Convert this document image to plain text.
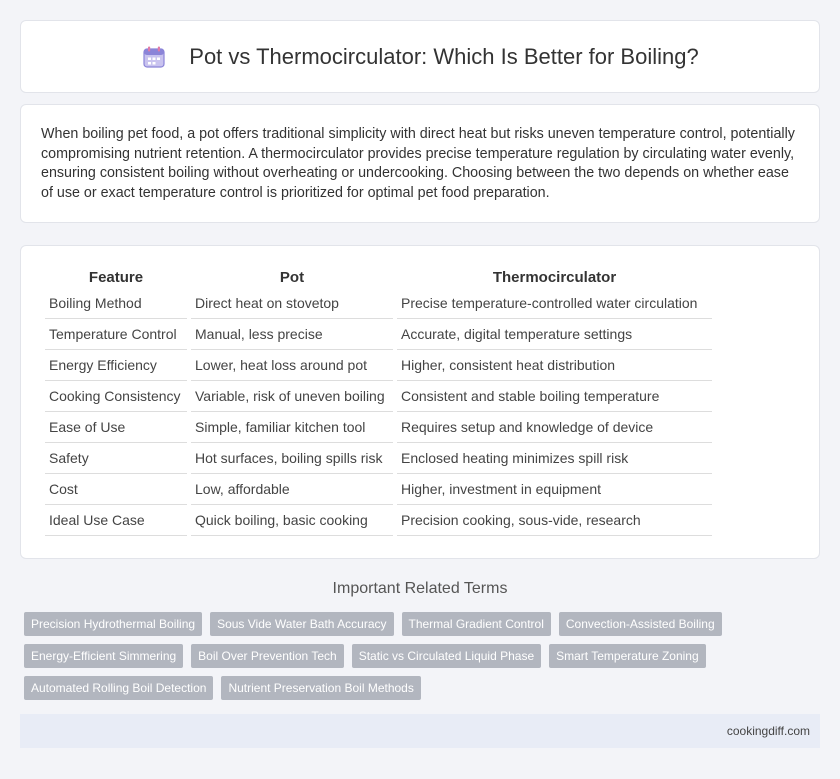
Pot vs Thermocirculator: Which Is Better for Boiling?

When boiling pet food, a pot offers traditional simplicity with direct heat but risks uneven temperature control, potentially compromising nutrient retention. A thermocirculator provides precise temperature regulation by circulating water evenly, ensuring consistent boiling without overheating or undercooking. Choosing between the two depends on whether ease of use or exact temperature control is prioritized for optimal pet food preparation.

Feature	Pot	Thermocirculator
Boiling Method	Direct heat on stovetop	Precise temperature-controlled water circulation
Temperature Control	Manual, less precise	Accurate, digital temperature settings
Energy Efficiency	Lower, heat loss around pot	Higher, consistent heat distribution
Cooking Consistency	Variable, risk of uneven boiling	Consistent and stable boiling temperature
Ease of Use	Simple, familiar kitchen tool	Requires setup and knowledge of device
Safety	Hot surfaces, boiling spills risk	Enclosed heating minimizes spill risk
Cost	Low, affordable	Higher, investment in equipment
Ideal Use Case	Quick boiling, basic cooking	Precision cooking, sous-vide, research
Important Related Terms
Precision Hydrothermal Boiling	Sous Vide Water Bath Accuracy	Thermal Gradient Control	Convection-Assisted Boiling
Energy-Efficient Simmering	Boil Over Prevention Tech	Static vs Circulated Liquid Phase	Smart Temperature Zoning
Automated Rolling Boil Detection	Nutrient Preservation Boil Methods
cookingdiff.com
